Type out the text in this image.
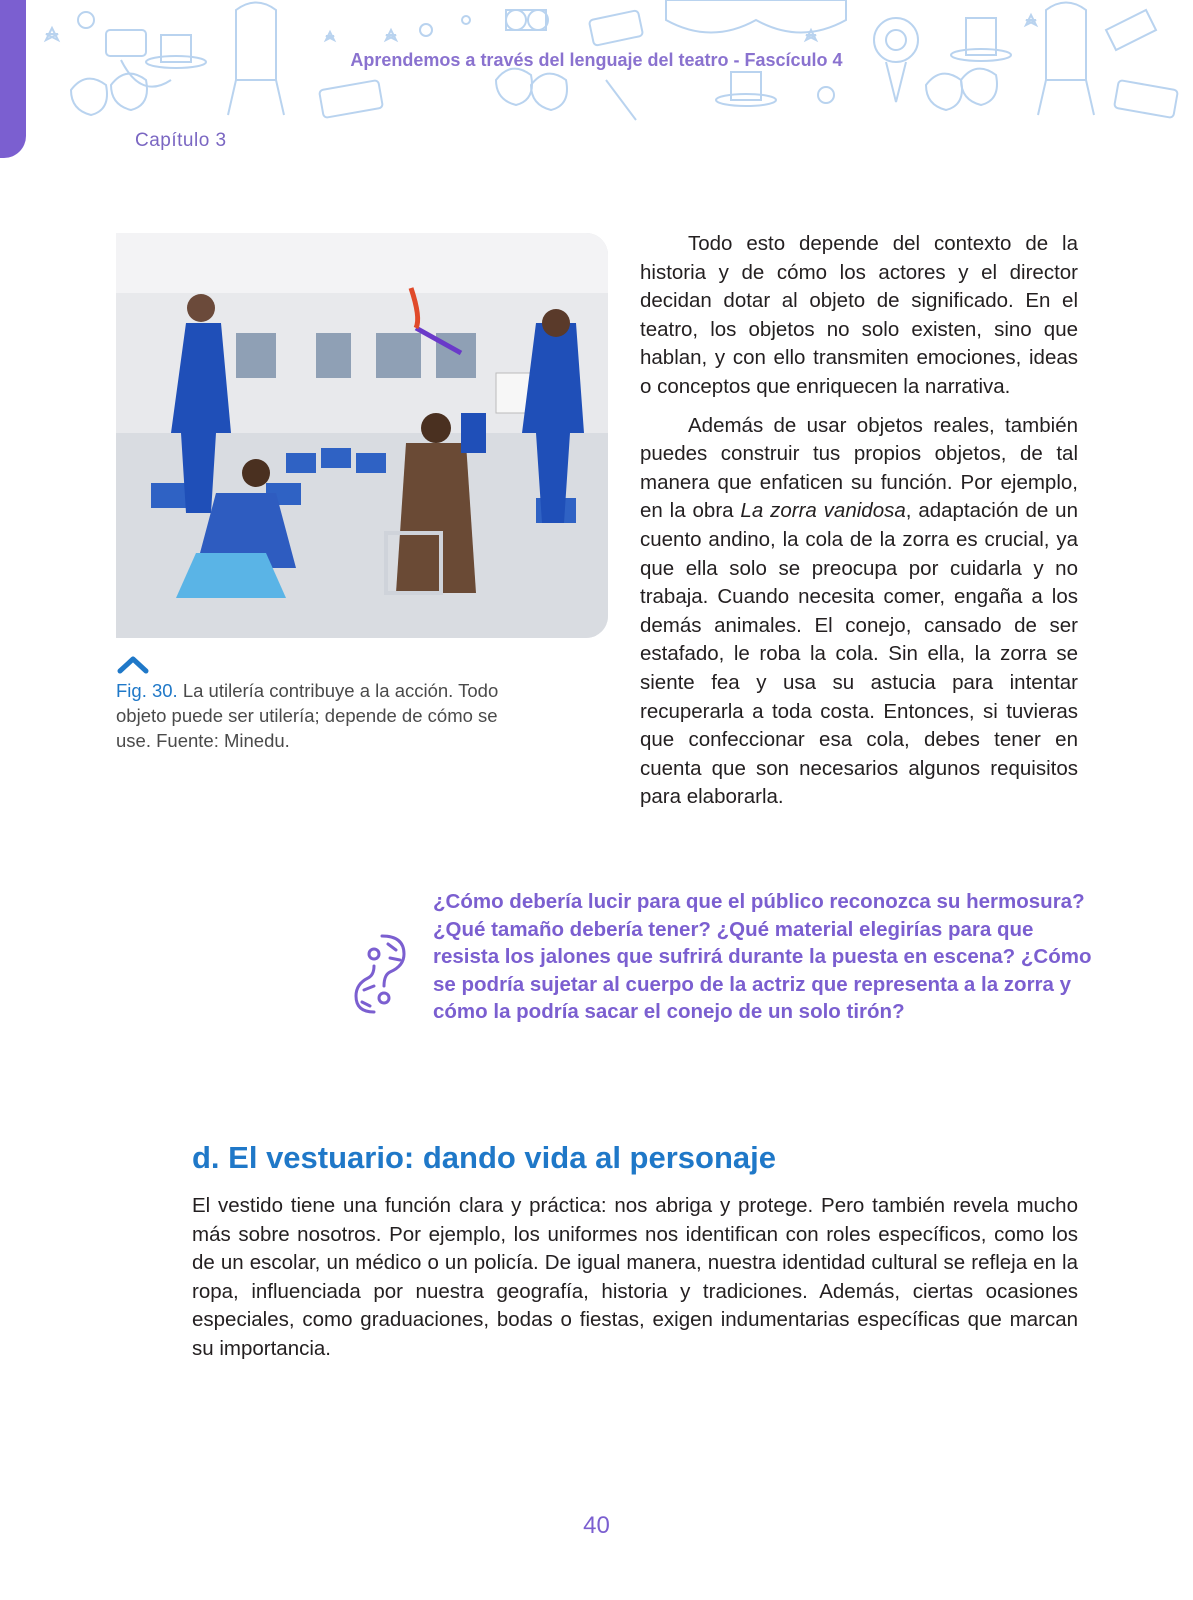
Aprendemos a través del lenguaje del teatro - Fascículo 4
Capítulo 3
Fig. 30. La utilería contribuye a la acción. Todo objeto puede ser utilería; depende de cómo se use. Fuente: Minedu.

Todo esto depende del contexto de la historia y de cómo los actores y el director decidan dotar al objeto de significado. En el teatro, los objetos no solo existen, sino que hablan, y con ello transmiten emociones, ideas o conceptos que enriquecen la narrativa.

Además de usar objetos reales, también puedes construir tus propios objetos, de tal manera que enfaticen su función. Por ejemplo, en la obra La zorra vanidosa, adaptación de un cuento andino, la cola de la zorra es crucial, ya que ella solo se preocupa por cuidarla y no trabaja. Cuando necesita comer, engaña a los demás animales. El conejo, cansado de ser estafado, le roba la cola. Sin ella, la zorra se siente fea y usa su astucia para intentar recuperarla a toda costa. Entonces, si tuvieras que confeccionar esa cola, debes tener en cuenta que son necesarios algunos requisitos para elaborarla.

¿Cómo debería lucir para que el público reconozca su hermosura? ¿Qué tamaño debería tener? ¿Qué material elegirías para que resista los jalones que sufrirá durante la puesta en escena? ¿Cómo se podría sujetar al cuerpo de la actriz que representa a la zorra y cómo la podría sacar el conejo de un solo tirón?
d. El vestuario: dando vida al personaje

El vestido tiene una función clara y práctica: nos abriga y protege. Pero también revela mucho más sobre nosotros. Por ejemplo, los uniformes nos identifican con roles específicos, como los de un escolar, un médico o un policía. De igual manera, nuestra identidad cultural se refleja en la ropa, influenciada por nuestra geografía, historia y tradiciones. Además, ciertas ocasiones especiales, como graduaciones, bodas o fiestas, exigen indumentarias específicas que marcan su importancia.

40
